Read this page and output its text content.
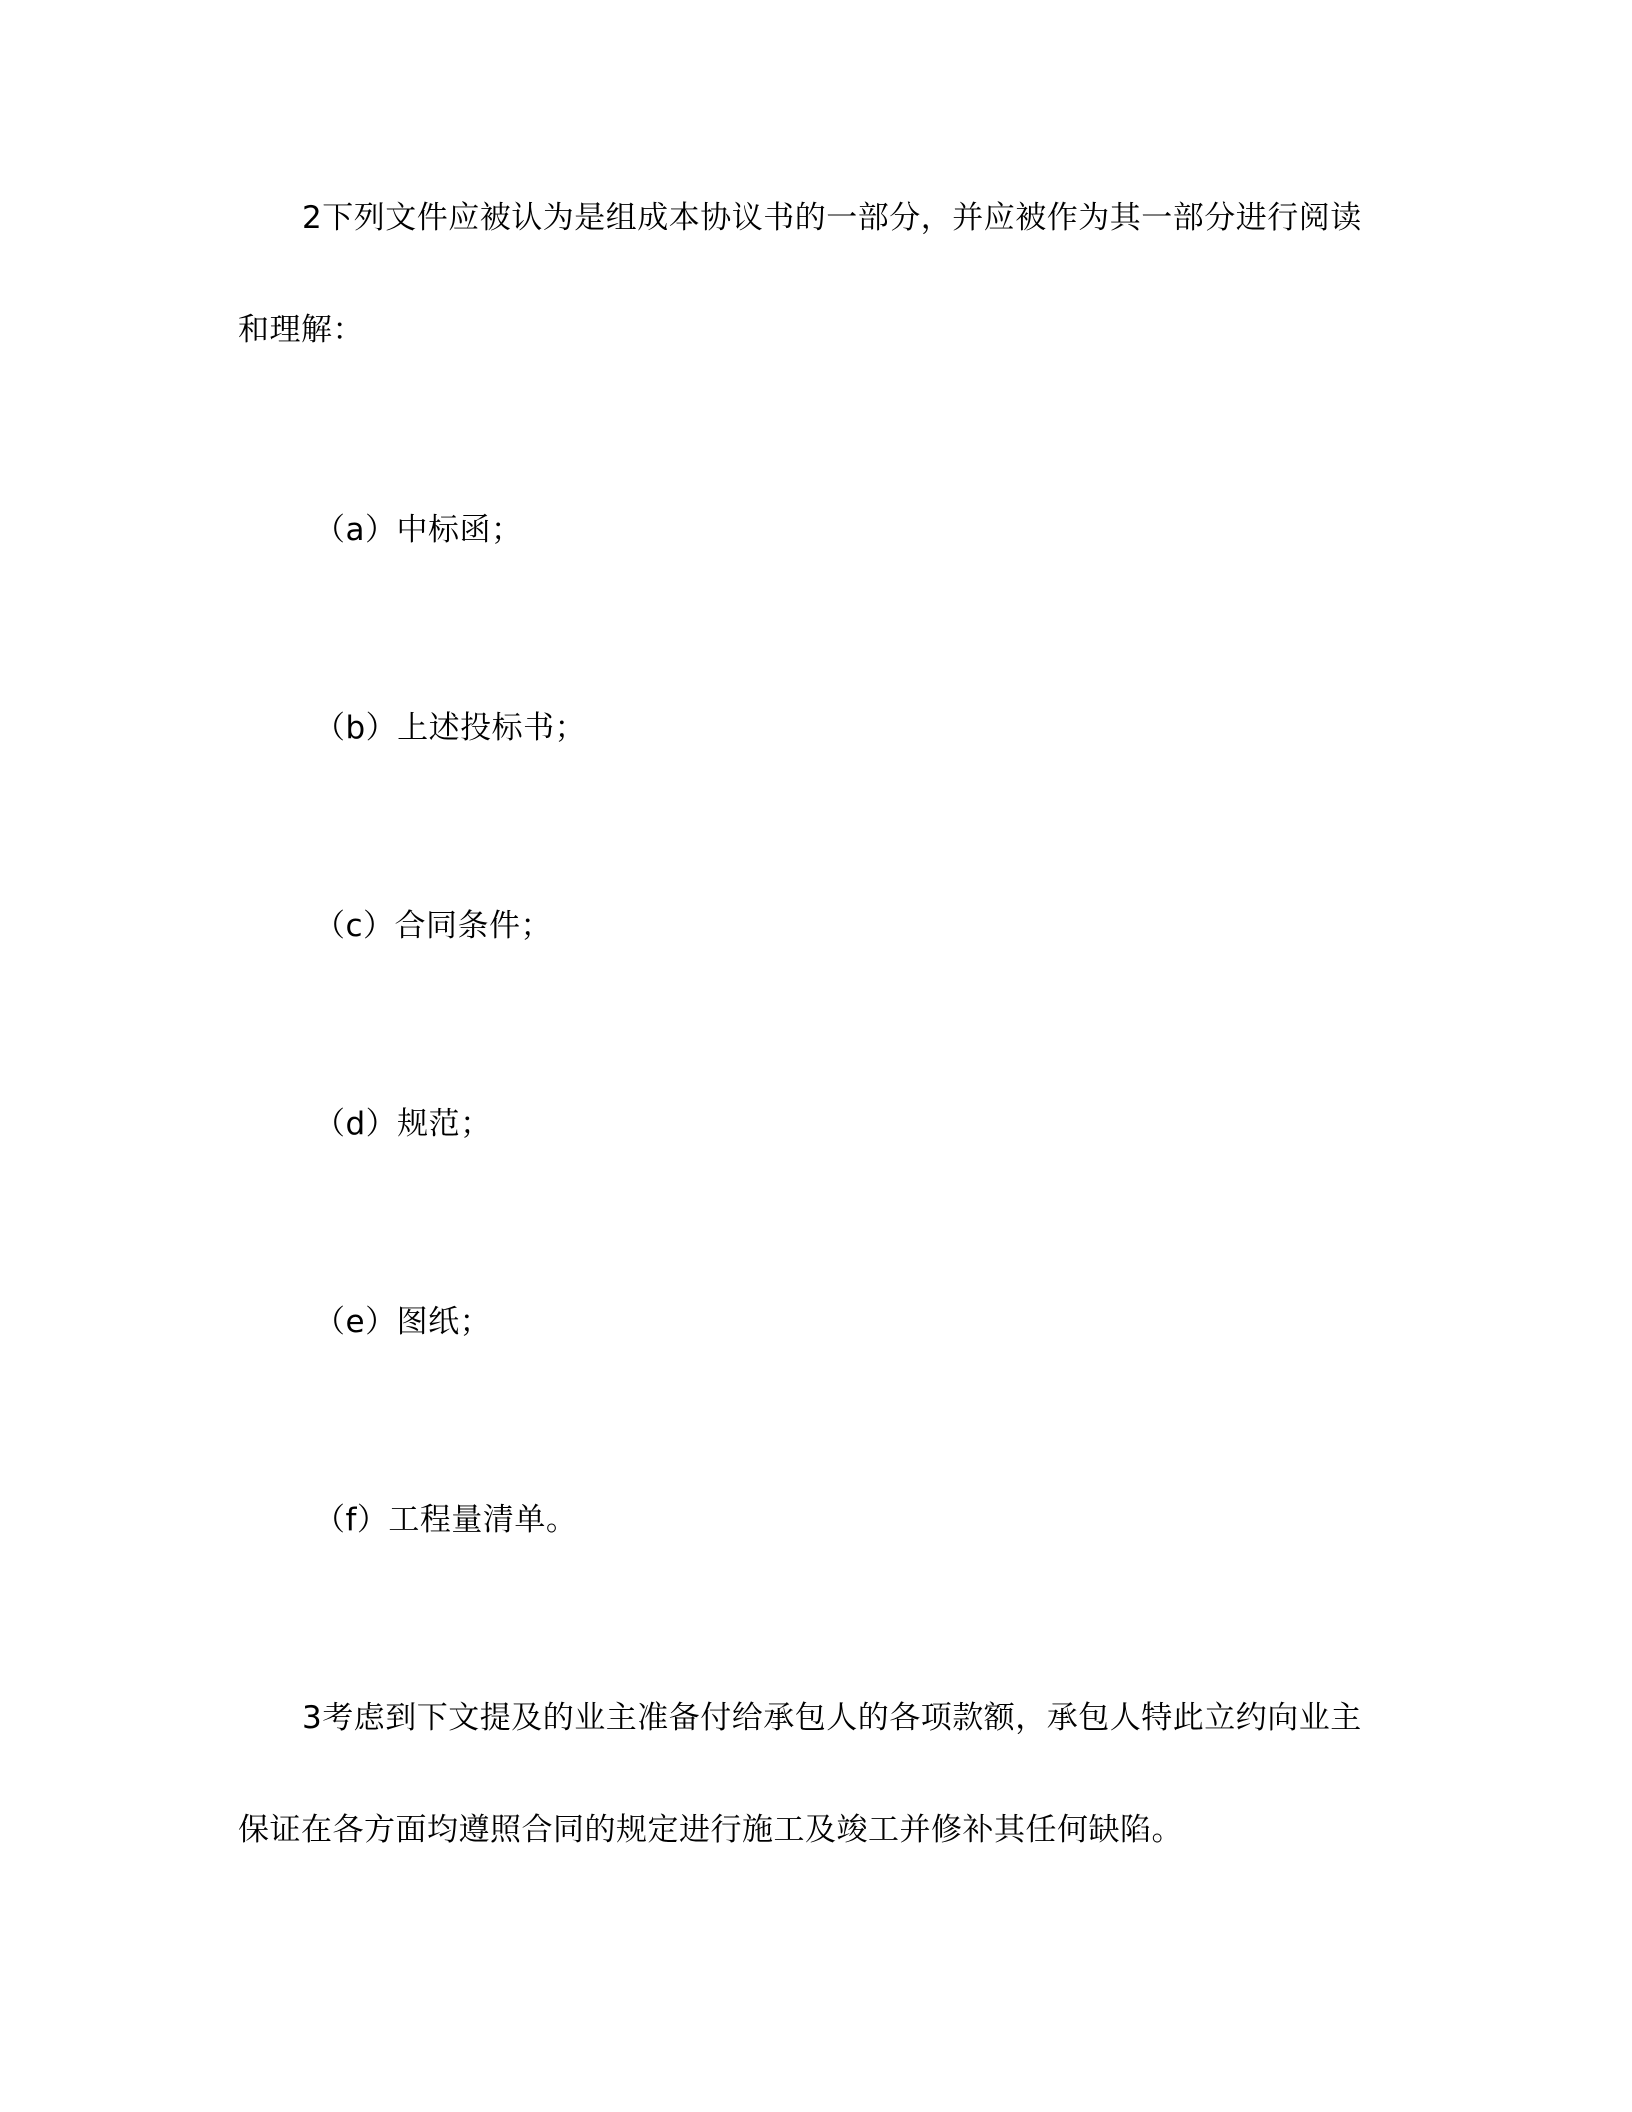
2下列文件应被认为是组成本协议书的一部分，并应被作为其一部分进行阅读
和理解：
（a）中标函；
（b）上述投标书；
（c）合同条件；
（d）规范；
（e）图纸；
（f）工程量清单。
3考虑到下文提及的业主准备付给承包人的各项款额，承包人特此立约向业主
保证在各方面均遵照合同的规定进行施工及竣工并修补其任何缺陷。
